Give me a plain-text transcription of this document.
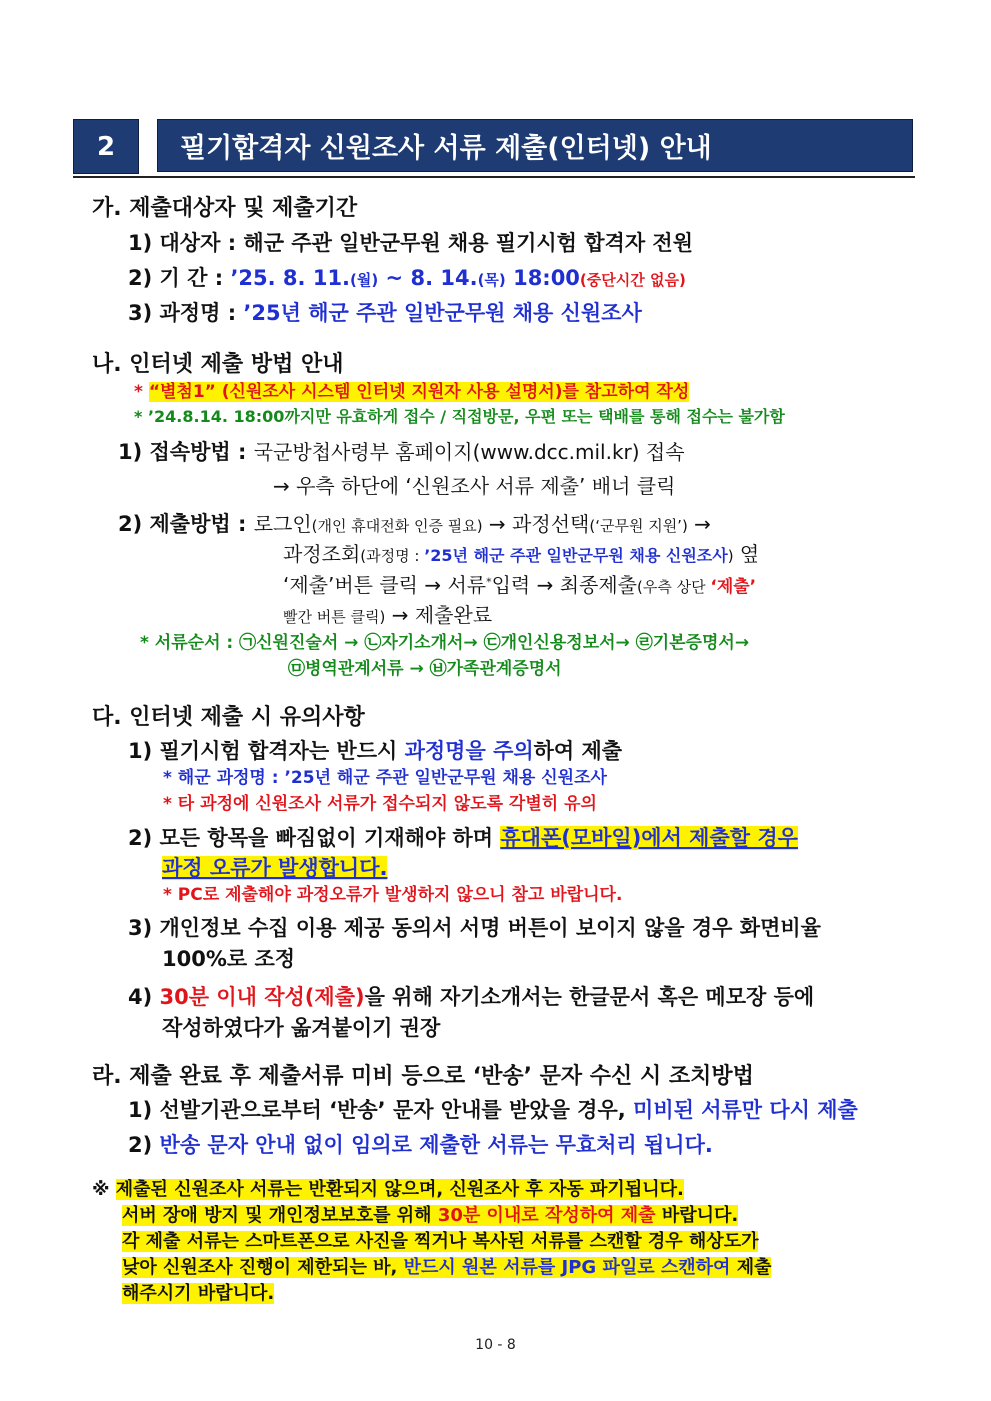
2	필기합격자 신원조사 서류 제출(인터넷) 안내
가. 제출대상자 및 제출기간
1) 대상자 : 해군 주관 일반군무원 채용 필기시험 합격자 전원
2) 기 간 : ’25. 8. 11.(월) ~ 8. 14.(목) 18:00(중단시간 없음)
3) 과정명 : ’25년 해군 주관 일반군무원 채용 신원조사
나. 인터넷 제출 방법 안내
* “별첨1” (신원조사 시스템 인터넷 지원자 사용 설명서)를 참고하여 작성
* ’24.8.14. 18:00까지만 유효하게 접수 / 직접방문, 우편 또는 택배를 통해 접수는 불가함
1) 접속방법 : 국군방첩사령부 홈페이지(www.dcc.mil.kr) 접속
→ 우측 하단에 ‘신원조사 서류 제출’ 배너 클릭
2) 제출방법 : 로그인(개인 휴대전화 인증 필요) → 과정선택(‘군무원 지원’) →
과정조회(과정명 : ’25년 해군 주관 일반군무원 채용 신원조사) 옆
‘제출’버튼 클릭 → 서류*입력 → 최종제출(우측 상단 ‘제출’
빨간 버튼 클릭) → 제출완료
* 서류순서 : ㉠신원진술서 → ㉡자기소개서→ ㉢개인신용정보서→ ㉣기본증명서→
㉤병역관계서류 → ㉥가족관계증명서
다. 인터넷 제출 시 유의사항
1) 필기시험 합격자는 반드시 과정명을 주의하여 제출
* 해군 과정명 : ’25년 해군 주관 일반군무원 채용 신원조사
* 타 과정에 신원조사 서류가 접수되지 않도록 각별히 유의
2) 모든 항목을 빠짐없이 기재해야 하며 휴대폰(모바일)에서 제출할 경우
과정 오류가 발생합니다.
* PC로 제출해야 과정오류가 발생하지 않으니 참고 바랍니다.
3) 개인정보 수집 이용 제공 동의서 서명 버튼이 보이지 않을 경우 화면비율
100%로 조정
4) 30분 이내 작성(제출)을 위해 자기소개서는 한글문서 혹은 메모장 등에
작성하였다가 옮겨붙이기 권장
라. 제출 완료 후 제출서류 미비 등으로 ‘반송’ 문자 수신 시 조치방법
1) 선발기관으로부터 ‘반송’ 문자 안내를 받았을 경우, 미비된 서류만 다시 제출
2) 반송 문자 안내 없이 임의로 제출한 서류는 무효처리 됩니다.
※ 제출된 신원조사 서류는 반환되지 않으며, 신원조사 후 자동 파기됩니다.
서버 장애 방지 및 개인정보보호를 위해 30분 이내로 작성하여 제출 바랍니다.
각 제출 서류는 스마트폰으로 사진을 찍거나 복사된 서류를 스캔할 경우 해상도가
낮아 신원조사 진행이 제한되는 바, 반드시 원본 서류를 JPG 파일로 스캔하여 제출
해주시기 바랍니다.
10 - 8
